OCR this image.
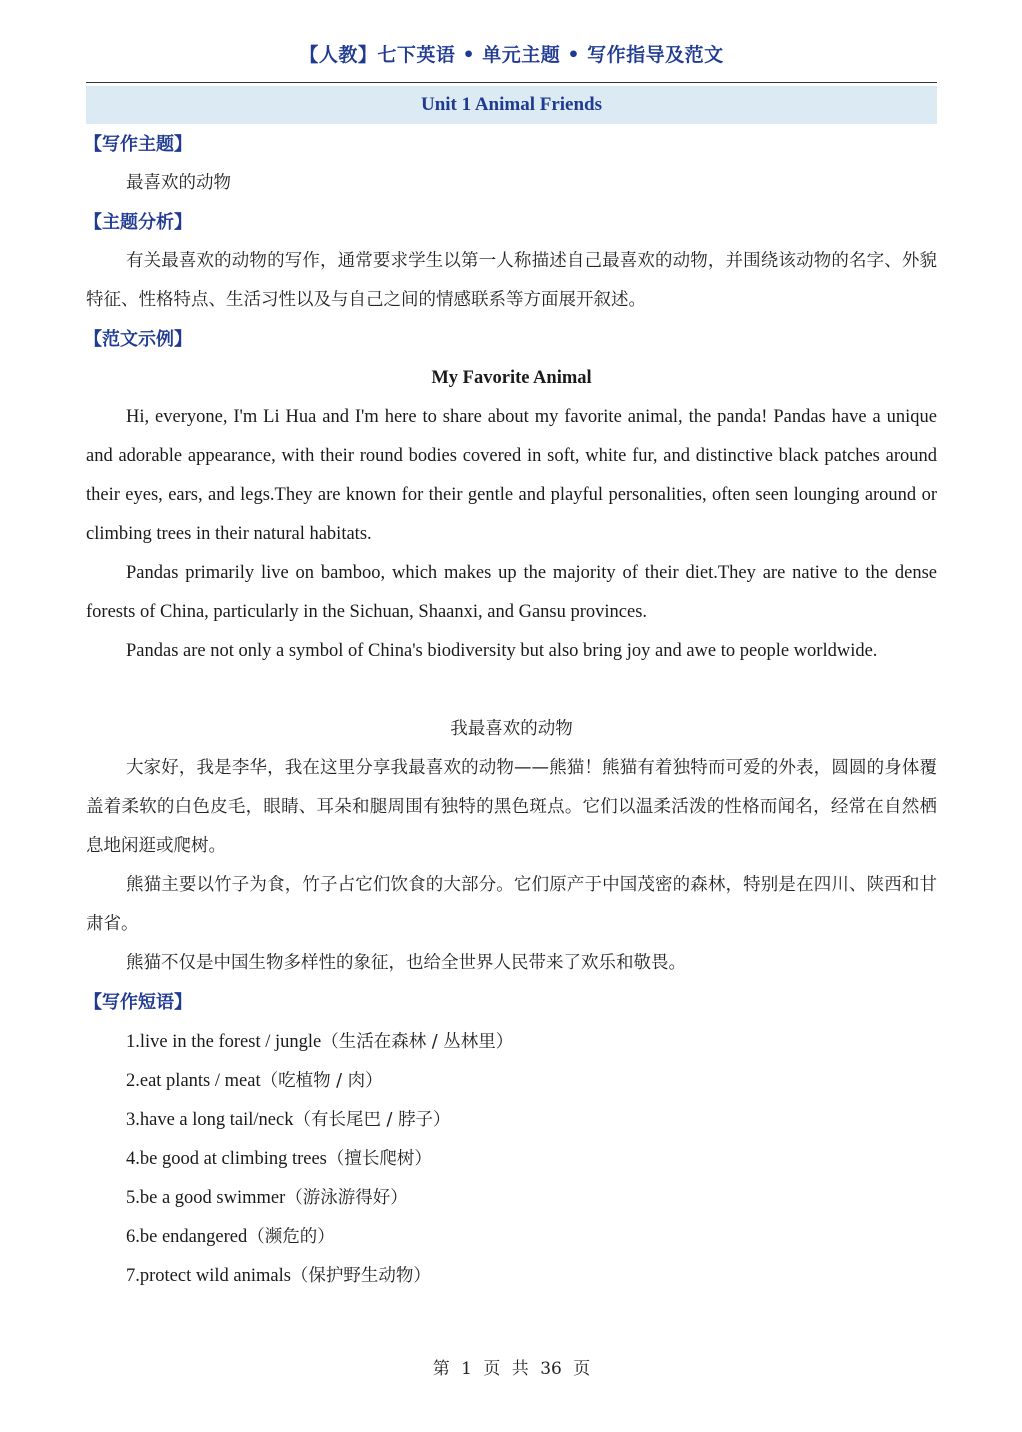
【人教】七下英语 • 单元主题 • 写作指导及范文
Unit 1 Animal Friends
【写作主题】
最喜欢的动物
【主题分析】
有关最喜欢的动物的写作，通常要求学生以第一人称描述自己最喜欢的动物，并围绕该动物的名字、外貌特征、性格特点、生活习性以及与自己之间的情感联系等方面展开叙述。
【范文示例】
My Favorite Animal
Hi, everyone, I'm Li Hua and I'm here to share about my favorite animal, the panda! Pandas have a unique and adorable appearance, with their round bodies covered in soft, white fur, and distinctive black patches around their eyes, ears, and legs.They are known for their gentle and playful personalities, often seen lounging around or climbing trees in their natural habitats.
Pandas primarily live on bamboo, which makes up the majority of their diet.They are native to the dense forests of China, particularly in the Sichuan, Shaanxi, and Gansu provinces.
Pandas are not only a symbol of China's biodiversity but also bring joy and awe to people worldwide.
我最喜欢的动物
大家好，我是李华，我在这里分享我最喜欢的动物——熊猫！熊猫有着独特而可爱的外表，圆圆的身体覆盖着柔软的白色皮毛，眼睛、耳朵和腿周围有独特的黑色斑点。它们以温柔活泼的性格而闻名，经常在自然栖息地闲逛或爬树。
熊猫主要以竹子为食，竹子占它们饮食的大部分。它们原产于中国茂密的森林，特别是在四川、陕西和甘肃省。
熊猫不仅是中国生物多样性的象征，也给全世界人民带来了欢乐和敬畏。
【写作短语】
1.live in the forest / jungle（生活在森林 / 丛林里）
2.eat plants / meat（吃植物 / 肉）
3.have a long tail/neck（有长尾巴 / 脖子）
4.be good at climbing trees（擅长爬树）
5.be a good swimmer（游泳游得好）
6.be endangered（濒危的）
7.protect wild animals（保护野生动物）
第 1 页 共 36 页
